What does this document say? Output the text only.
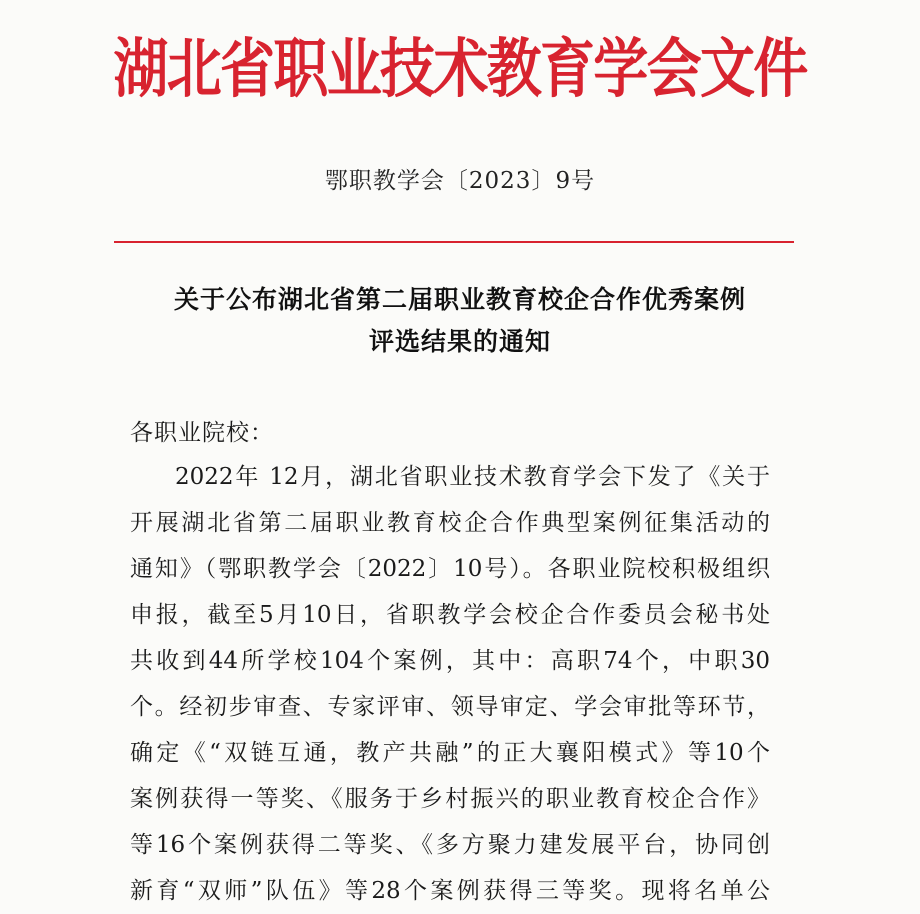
湖北省职业技术教育学会文件
鄂职教学会〔2023〕9号
关于公布湖北省第二届职业教育校企合作优秀案例
评选结果的通知
各职业院校：
2022年 12月，湖北省职业技术教育学会下发了《关于
开展湖北省第二届职业教育校企合作典型案例征集活动的
通知》（鄂职教学会〔2022〕10号）。各职业院校积极组织
申报，截至5月10日，省职教学会校企合作委员会秘书处
共收到44所学校104个案例，其中：高职74个，中职30
个。经初步审查、专家评审、领导审定、学会审批等环节，
确定《“双链互通，教产共融”的正大襄阳模式》等10个
案例获得一等奖、《服务于乡村振兴的职业教育校企合作》
等16个案例获得二等奖、《多方聚力建发展平台，协同创
新育“双师”队伍》等28个案例获得三等奖。现将名单公
